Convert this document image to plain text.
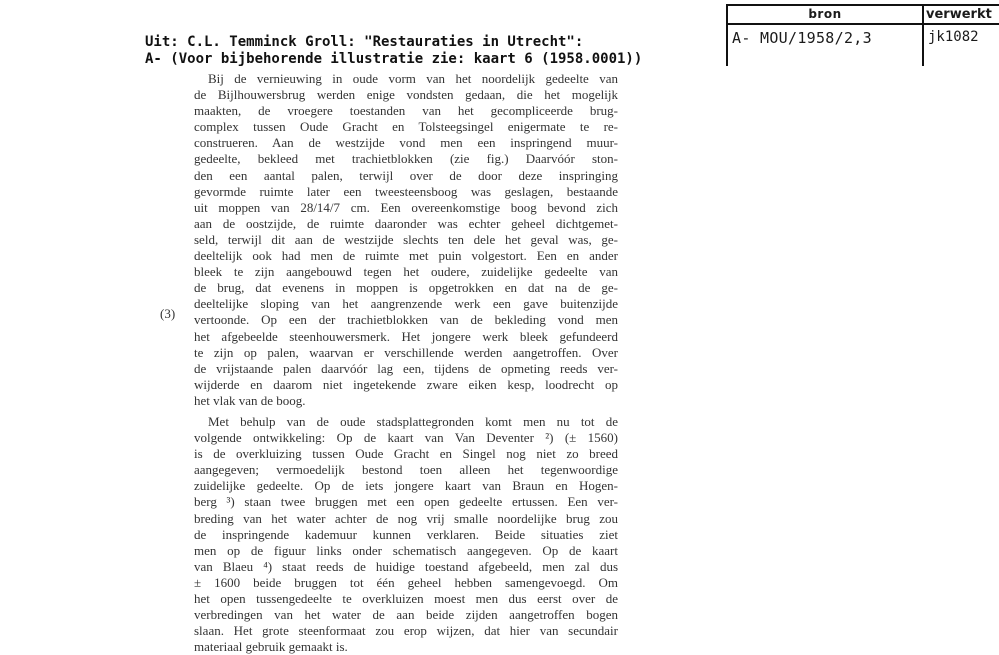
bron	verwerkt
A- MOU/1958/2,3	jk1082
Uit: C.L. Temminck Groll: "Restauraties in Utrecht":
A- (Voor bijbehorende illustratie zie: kaart 6 (1958.0001))
(3)
Bij de vernieuwing in oude vorm van het noordelijk gedeelte van
de Bijlhouwersbrug werden enige vondsten gedaan, die het mogelijk
maakten, de vroegere toestanden van het gecompliceerde brug-
complex tussen Oude Gracht en Tolsteegsingel enigermate te re-
construeren. Aan de westzijde vond men een inspringend muur-
gedeelte, bekleed met trachietblokken (zie fig.) Daarvóór ston-
den een aantal palen, terwijl over de door deze inspringing
gevormde ruimte later een tweesteensboog was geslagen, bestaande
uit moppen van 28/14/7 cm. Een overeenkomstige boog bevond zich
aan de oostzijde, de ruimte daaronder was echter geheel dichtgemet-
seld, terwijl dit aan de westzijde slechts ten dele het geval was, ge-
deeltelijk ook had men de ruimte met puin volgestort. Een en ander
bleek te zijn aangebouwd tegen het oudere, zuidelijke gedeelte van
de brug, dat evenens in moppen is opgetrokken en dat na de ge-
deeltelijke sloping van het aangrenzende werk een gave buitenzijde
vertoonde. Op een der trachietblokken van de bekleding vond men
het afgebeelde steenhouwersmerk. Het jongere werk bleek gefundeerd
te zijn op palen, waarvan er verschillende werden aangetroffen. Over
de vrijstaande palen daarvóór lag een, tijdens de opmeting reeds ver-
wijderde en daarom niet ingetekende zware eiken kesp, loodrecht op
het vlak van de boog.
Met behulp van de oude stadsplattegronden komt men nu tot de
volgende ontwikkeling: Op de kaart van Van Deventer ²) (± 1560)
is de overkluizing tussen Oude Gracht en Singel nog niet zo breed
aangegeven; vermoedelijk bestond toen alleen het tegenwoordige
zuidelijke gedeelte. Op de iets jongere kaart van Braun en Hogen-
berg ³) staan twee bruggen met een open gedeelte ertussen. Een ver-
breding van het water achter de nog vrij smalle noordelijke brug zou
de inspringende kademuur kunnen verklaren. Beide situaties ziet
men op de figuur links onder schematisch aangegeven. Op de kaart
van Blaeu ⁴) staat reeds de huidige toestand afgebeeld, men zal dus
± 1600 beide bruggen tot één geheel hebben samengevoegd. Om
het open tussengedeelte te overkluizen moest men dus eerst over de
verbredingen van het water de aan beide zijden aangetroffen bogen
slaan. Het grote steenformaat zou erop wijzen, dat hier van secundair
materiaal gebruik gemaakt is.
